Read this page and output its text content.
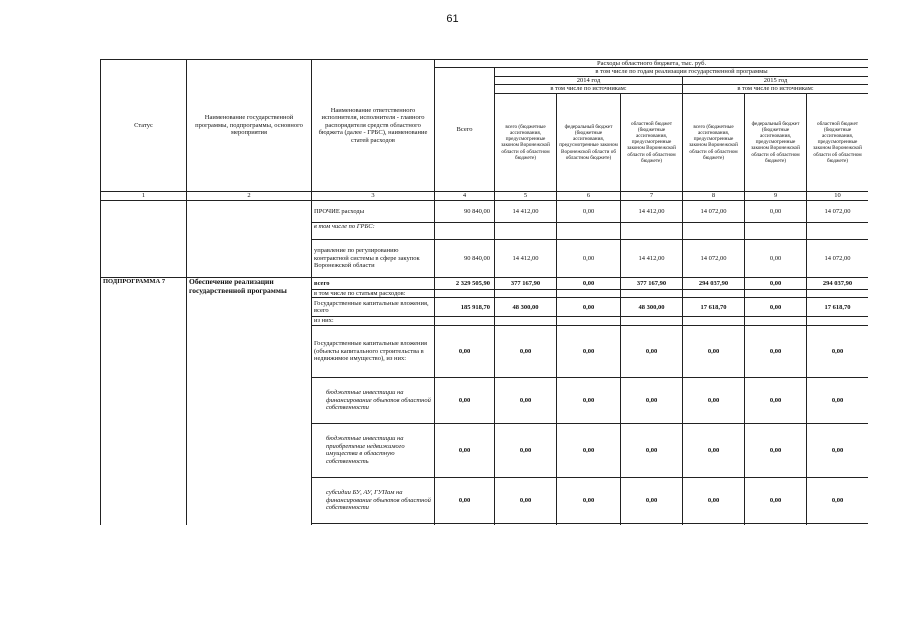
61
Статус	Наименование государственной программы, подпрограммы, основного мероприятия	Наименование ответственного исполнителя, исполнителя - главного распорядителя средств областного бюджета (далее - ГРБС), наименование статей расходов	Расходы областного бюджета, тыс. руб.						
			Всего	в том числе по годам реализации государственной программы					
				2014 год			2015 год		
				в том числе по источникам:			в том числе по источникам:		
				всего (бюджетные ассигнования, предусмотренные законом Воронежской области об областном бюджете)	федеральный бюджет (бюджетные ассигнования, предусмотренные законом Воронежской области об областном бюджете)	областной бюджет (бюджетные ассигнования, предусмотренные законом Воронежской области об областном бюджете)	всего (бюджетные ассигнования, предусмотренные законом Воронежской области об областном бюджете)	федеральный бюджет (бюджетные ассигнования, предусмотренные законом Воронежской области об областном бюджете)	областной бюджет (бюджетные ассигнования, предусмотренные законом Воронежской области об областном бюджете)
1	2	3	4	5	6	7	8	9	10
		ПРОЧИЕ расходы	90 840,00	14 412,00	0,00	14 412,00	14 072,00	0,00	14 072,00
		в том числе по ГРБС:							
		управление по регулированию контрактной системы в сфере закупок Воронежской области	90 840,00	14 412,00	0,00	14 412,00	14 072,00	0,00	14 072,00
ПОДПРОГРАММА 7	Обеспечение реализации государственной программы	всего	2 329 505,90	377 167,90	0,00	377 167,90	294 037,90	0,00	294 037,90
		в том числе по статьям расходов:							
		Государственные капитальные вложения, всего	185 918,70	48 300,00	0,00	48 300,00	17 618,70	0,00	17 618,70
		из них:							
		Государственные капитальные вложения (объекты капитального строительства в недвижимое имущество), из них:	0,00	0,00	0,00	0,00	0,00	0,00	0,00
		бюджетные инвестиции на финансирование объектов областной собственности	0,00	0,00	0,00	0,00	0,00	0,00	0,00
		бюджетные инвестиции на приобретение недвижимого имущества в областную собственность	0,00	0,00	0,00	0,00	0,00	0,00	0,00
		субсидии БУ, АУ, ГУПам на финансирование объектов областной собственности	0,00	0,00	0,00	0,00	0,00	0,00	0,00
